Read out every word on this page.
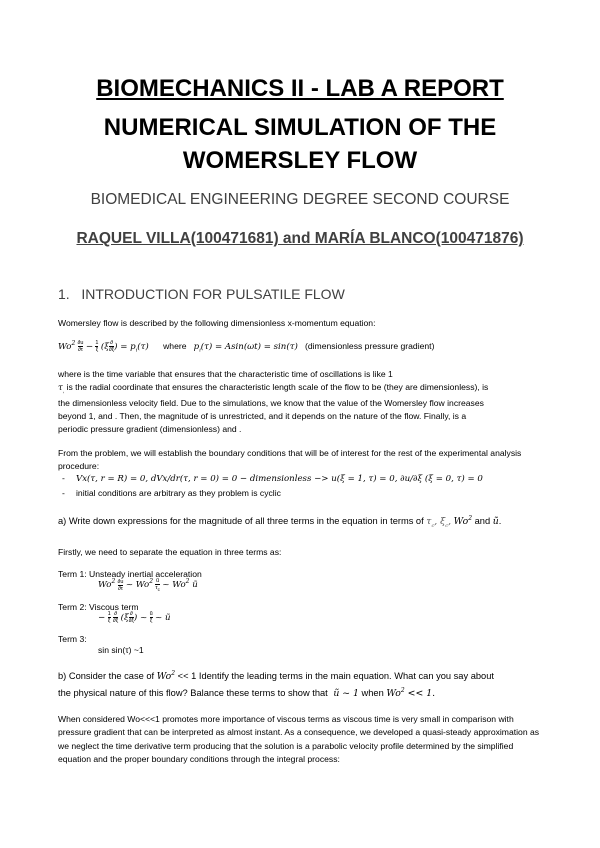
BIOMECHANICS II - LAB A REPORT
NUMERICAL SIMULATION OF THE
WOMERSLEY FLOW
BIOMEDICAL ENGINEERING DEGREE SECOND COURSE
RAQUEL VILLA(100471681) and MARÍA BLANCO(100471876)
1. INTRODUCTION FOR PULSATILE FLOW
Womersley flow is described by the following dimensionless x-momentum equation:
$Wo^2 \frac{\partial u}{\partial\tau} - \frac{1}{\xi} (\xi \frac{\partial}{\partial\xi}$ ) = $p_i(\tau)$ where $p_i(\tau) = Asin(\omega t) = \sin(\tau)$ (dimensionless pressure gradient)
where is the time variable that ensures that the characteristic time of oscillations is like 1
$\tau_,$ is the radial coordinate that ensures the characteristic length scale of the flow to be (they are dimensionless), is
the dimensionless velocity field. Due to the simulations, we know that the value of the Womersley flow increases
beyond 1, and . Then, the magnitude of is unrestricted, and it depends on the nature of the flow. Finally, is a
periodic pressure gradient (dimensionless) and .
From the problem, we will establish the boundary conditions that will be of interest for the rest of the experimental analysis procedure:
- Vx(τ, r = R) = 0, dVx/dr(τ, r = 0) = 0 − dimensionless −> u(ξ = 1, τ) = 0, ∂u/∂ξ (ξ = 0, τ) = 0
- initial conditions are arbitrary as they problem is cyclic
a) Write down expressions for the magnitude of all three terms in the equation in terms of $\tau_c$, $\xi_c$, Wo$^2$ and ũ.
Firstly, we need to separate the equation in three terms as:
Term 1: Unsteady inertial acceleration
$Wo^2 \frac{\partial u}{\partial\tau}$ ~ $Wo^2 \frac{ũ}{\tau_c}$ ~ Wo$^2$ ũ
Term 2: Viscous term
− $\frac{1}{\xi}$
$\frac{\partial}{\partial\xi} (\xi \frac{\partial}{\partial\xi}$ ) ~ $\frac{ũ}{\xi}$ ~ ũ
Term 3:
sin sin(τ) ~1
b) Consider the case of $Wo^2 << 1$ Identify the leading terms in the main equation. What can you say about
the physical nature of this flow? Balance these terms to show that  ũ ~ 1 when $Wo^2 << 1$.
When considered Wo<<<1 promotes more importance of viscous terms as viscous time is very small in comparison with pressure gradient that can be interpreted as almost instant. As a consequence, we developed a quasi-steady approximation as we neglect the time derivative term producing that the solution is a parabolic velocity profile determined by the simplified equation and the proper boundary conditions through the integral process:
